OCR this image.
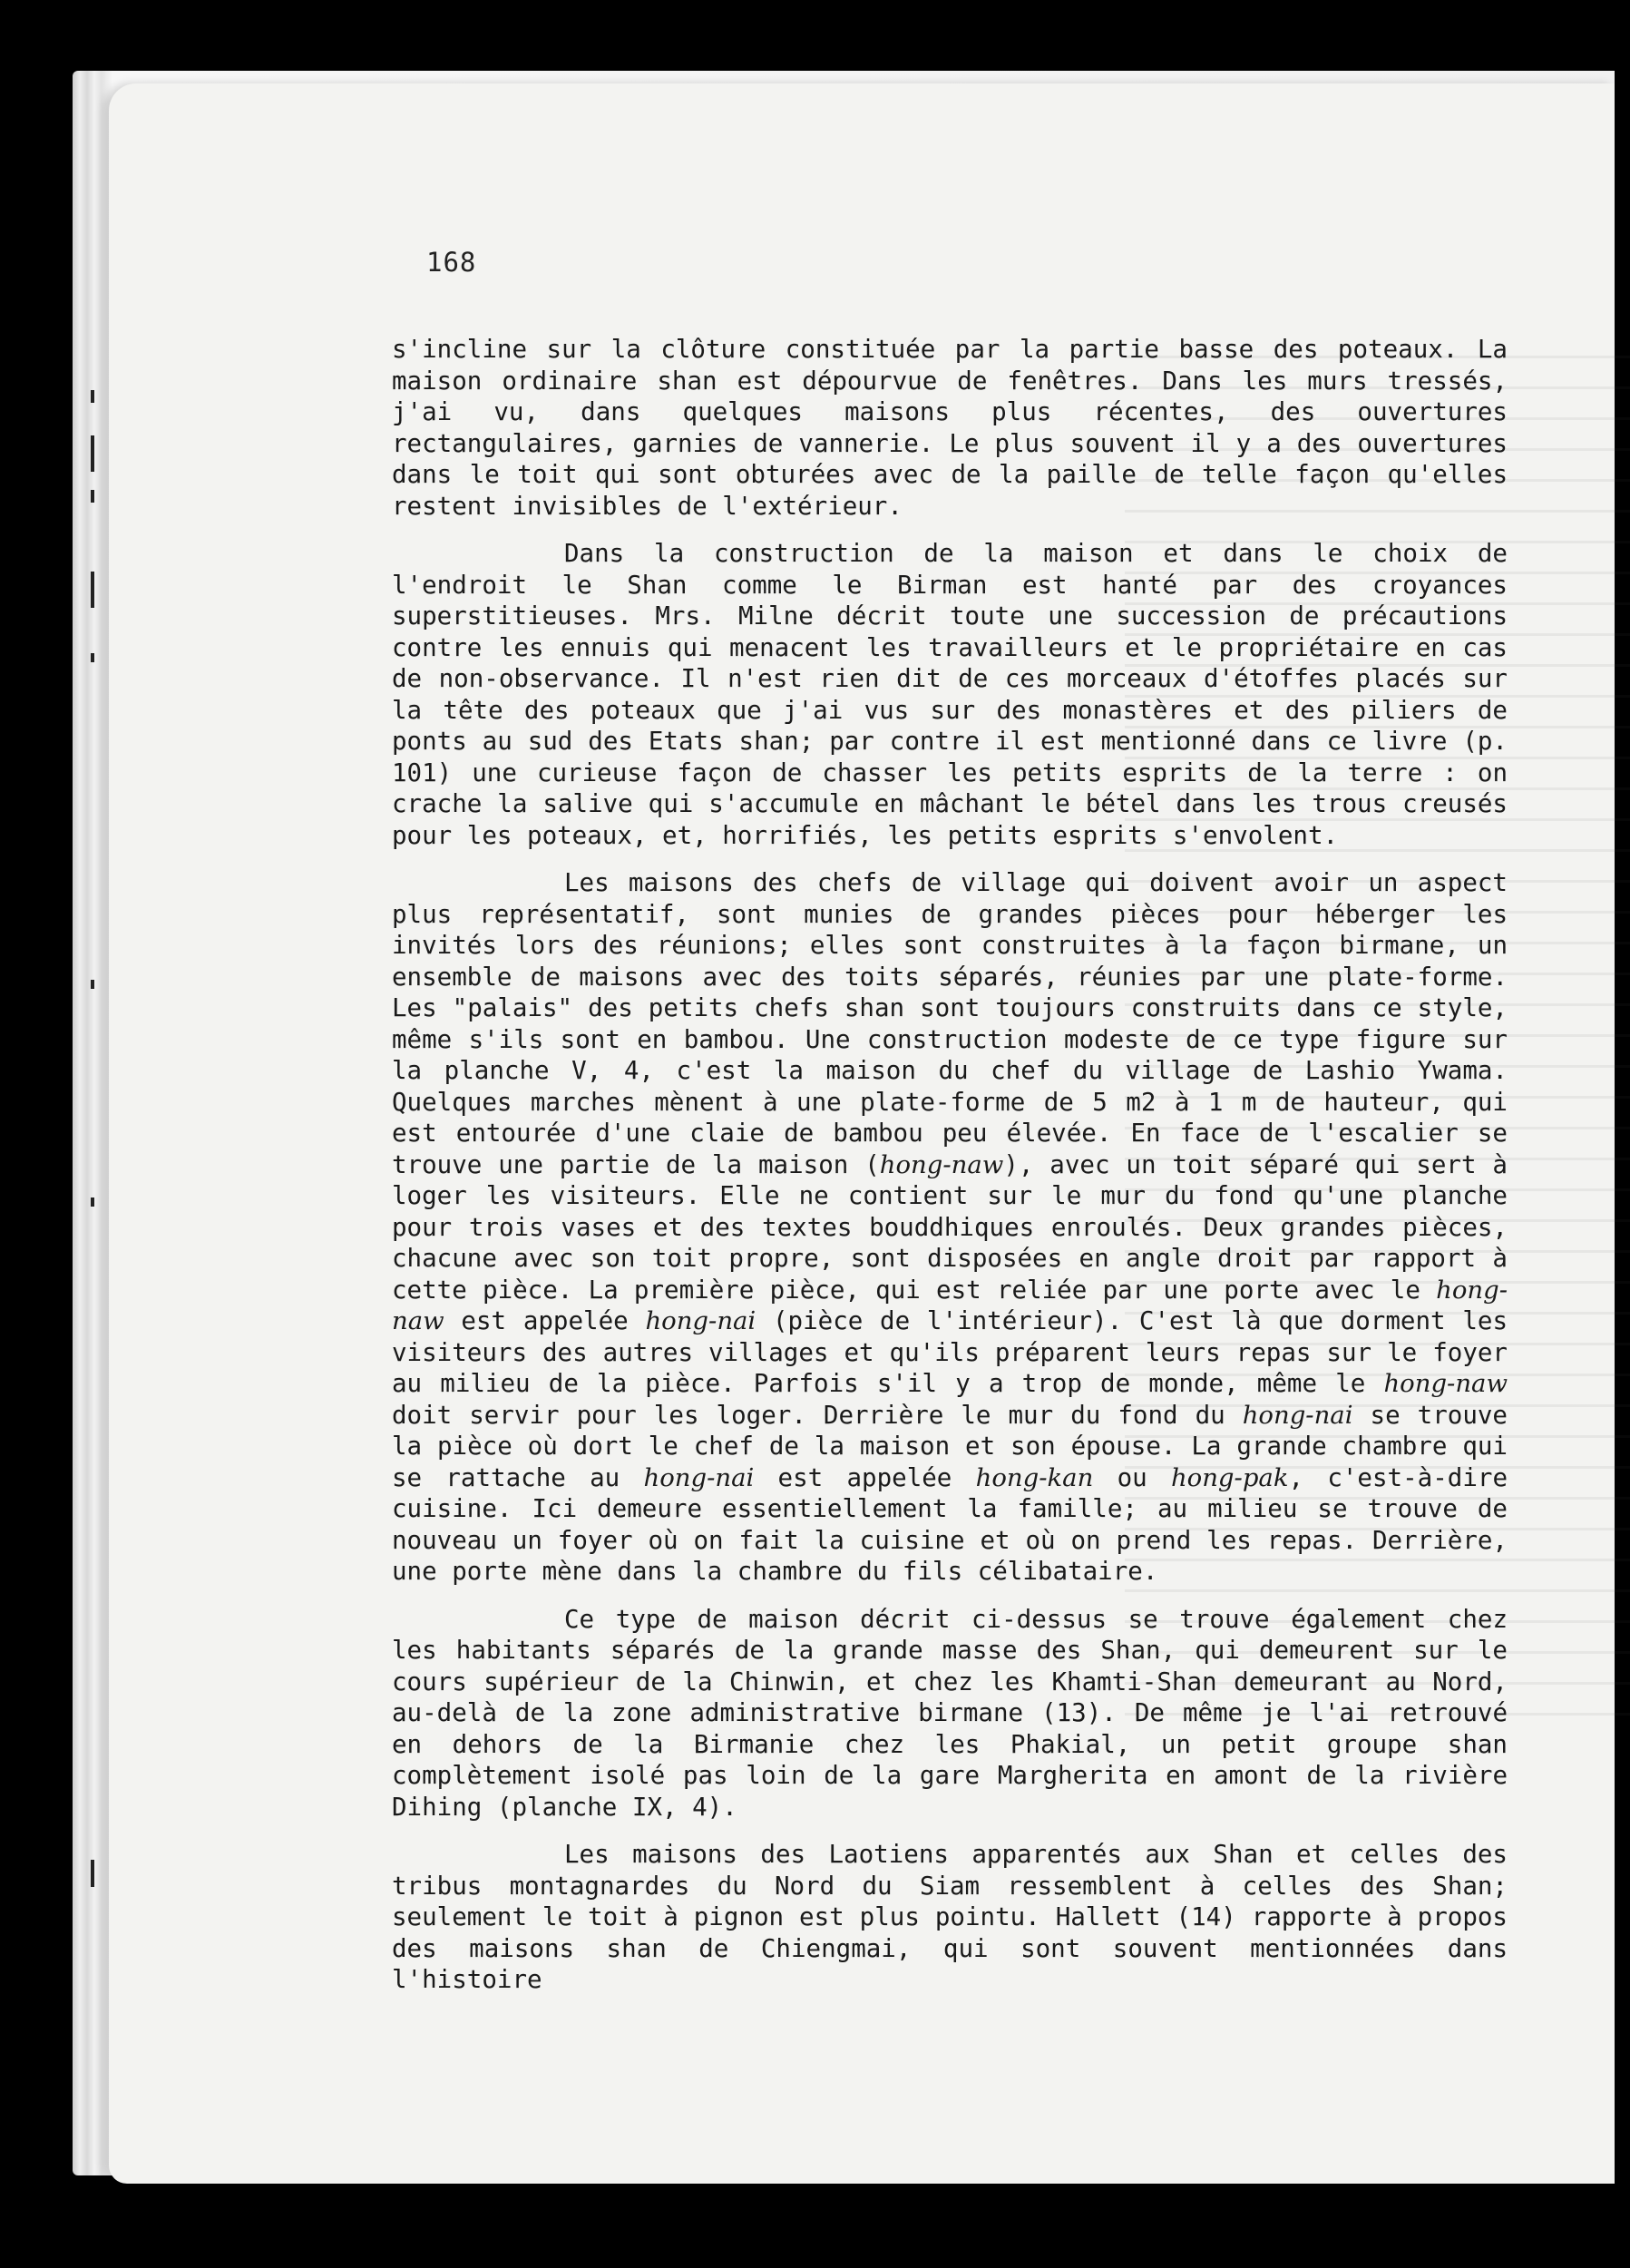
168

s'incline sur la clôture constituée par la partie basse des poteaux. La maison ordinaire shan est dépourvue de fenêtres. Dans les murs tressés, j'ai vu, dans quelques maisons plus récentes, des ouvertures rectangulaires, garnies de vannerie. Le plus souvent il y a des ouvertures dans le toit qui sont obturées avec de la paille de telle façon qu'elles restent invisibles de l'extérieur.

Dans la construction de la maison et dans le choix de l'endroit le Shan comme le Birman est hanté par des croyances superstitieuses. Mrs. Milne décrit toute une succession de précautions contre les ennuis qui menacent les travailleurs et le propriétaire en cas de non-observance. Il n'est rien dit de ces morceaux d'étoffes placés sur la tête des poteaux que j'ai vus sur des monastères et des piliers de ponts au sud des Etats shan; par contre il est mentionné dans ce livre (p. 101) une curieuse façon de chasser les petits esprits de la terre : on crache la salive qui s'accumule en mâchant le bétel dans les trous creusés pour les poteaux, et, horrifiés, les petits esprits s'envolent.

Les maisons des chefs de village qui doivent avoir un aspect plus représentatif, sont munies de grandes pièces pour héberger les invités lors des réunions; elles sont construites à la façon birmane, un ensemble de maisons avec des toits séparés, réunies par une plate-forme. Les "palais" des petits chefs shan sont toujours construits dans ce style, même s'ils sont en bambou. Une construction modeste de ce type figure sur la planche V, 4, c'est la maison du chef du village de Lashio Ywama. Quelques marches mènent à une plate-forme de 5 m2 à 1 m de hauteur, qui est entourée d'une claie de bambou peu élevée. En face de l'escalier se trouve une partie de la maison (hong-naw), avec un toit séparé qui sert à loger les visiteurs. Elle ne contient sur le mur du fond qu'une planche pour trois vases et des textes bouddhiques enroulés. Deux grandes pièces, chacune avec son toit propre, sont disposées en angle droit par rapport à cette pièce. La première pièce, qui est reliée par une porte avec le hong-naw est appelée hong-nai (pièce de l'intérieur). C'est là que dorment les visiteurs des autres villages et qu'ils préparent leurs repas sur le foyer au milieu de la pièce. Parfois s'il y a trop de monde, même le hong-naw doit servir pour les loger. Derrière le mur du fond du hong-nai se trouve la pièce où dort le chef de la maison et son épouse. La grande chambre qui se rattache au hong-nai est appelée hong-kan ou hong-pak, c'est-à-dire cuisine. Ici demeure essentiellement la famille; au milieu se trouve de nouveau un foyer où on fait la cuisine et où on prend les repas. Derrière, une porte mène dans la chambre du fils célibataire.

Ce type de maison décrit ci-dessus se trouve également chez les habitants séparés de la grande masse des Shan, qui demeurent sur le cours supérieur de la Chinwin, et chez les Khamti-Shan demeurant au Nord, au-delà de la zone administrative birmane (13). De même je l'ai retrouvé en dehors de la Birmanie chez les Phakial, un petit groupe shan complètement isolé pas loin de la gare Margherita en amont de la rivière Dihing (planche IX, 4).

Les maisons des Laotiens apparentés aux Shan et celles des tribus montagnardes du Nord du Siam ressemblent à celles des Shan; seulement le toit à pignon est plus pointu. Hallett (14) rapporte à propos des maisons shan de Chiengmai, qui sont souvent mentionnées dans l'histoire
